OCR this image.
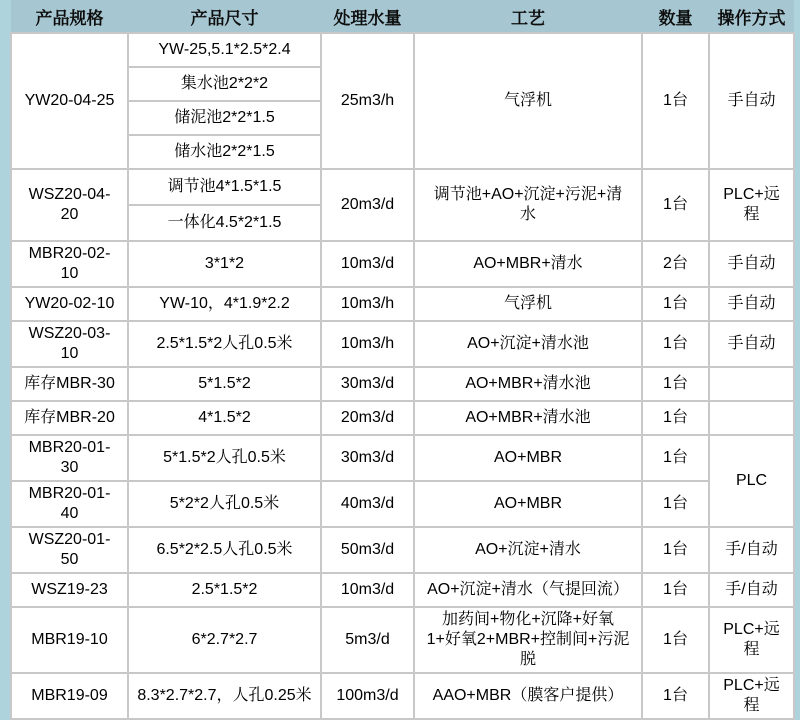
产品规格	产品尺寸	处理水量	工艺	数量	操作方式
YW20-04-25	YW-25,5.1*2.5*2.4	25m3/h	气浮机	1台	手自动
	集水池2*2*2				
	储泥池2*2*1.5				
	储水池2*2*1.5				
WSZ20-04-20	调节池4*1.5*1.5	20m3/d	调节池+AO+沉淀+污泥+清水	1台	PLC+远程
	一体化4.5*2*1.5				
MBR20-02-10	3*1*2	10m3/d	AO+MBR+清水	2台	手自动
YW20-02-10	YW-10，4*1.9*2.2	10m3/h	气浮机	1台	手自动
WSZ20-03-10	2.5*1.5*2人孔0.5米	10m3/h	AO+沉淀+清水池	1台	手自动
库存MBR-30	5*1.5*2	30m3/d	AO+MBR+清水池	1台	
库存MBR-20	4*1.5*2	20m3/d	AO+MBR+清水池	1台	
MBR20-01-30	5*1.5*2人孔0.5米	30m3/d	AO+MBR	1台	PLC
MBR20-01-40	5*2*2人孔0.5米	40m3/d	AO+MBR	1台	
WSZ20-01-50	6.5*2*2.5人孔0.5米	50m3/d	AO+沉淀+清水	1台	手/自动
WSZ19-23	2.5*1.5*2	10m3/d	AO+沉淀+清水（气提回流）	1台	手/自动
MBR19-10	6*2.7*2.7	5m3/d	加药间+物化+沉降+好氧1+好氧2+MBR+控制间+污泥脱	1台	PLC+远程
MBR19-09	8.3*2.7*2.7，人孔0.25米	100m3/d	AAO+MBR（膜客户提供）	1台	PLC+远程
